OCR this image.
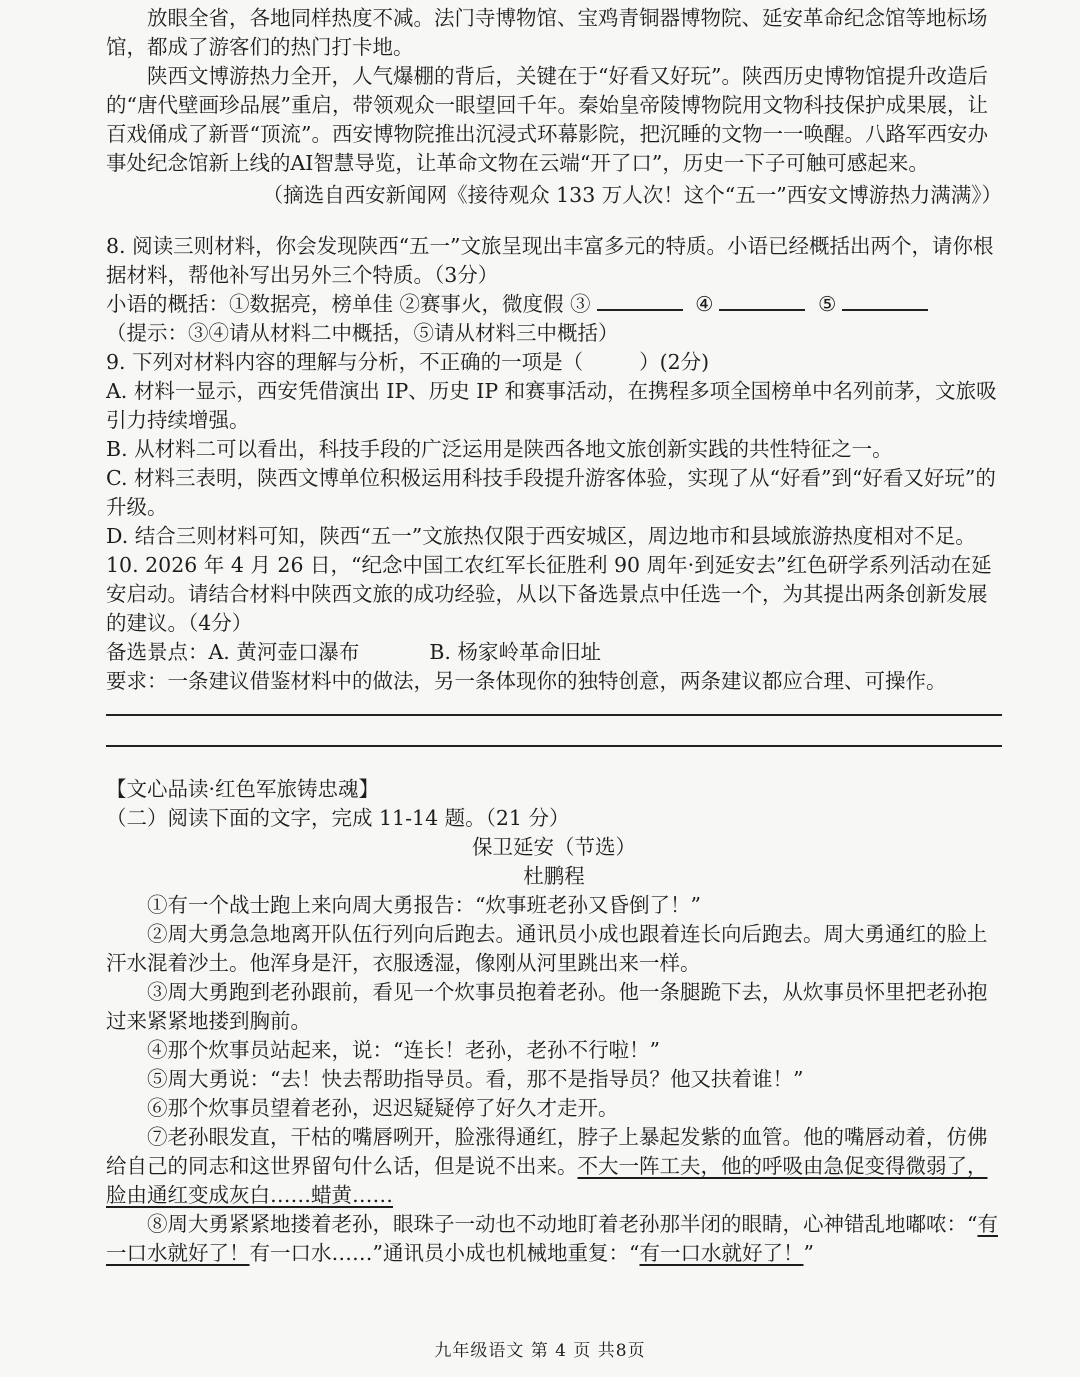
放眼全省，各地同样热度不减。法门寺博物馆、宝鸡青铜器博物院、延安革命纪念馆等地标场馆，都成了游客们的热门打卡地。

陕西文博游热力全开，人气爆棚的背后，关键在于“好看又好玩”。陕西历史博物馆提升改造后的“唐代壁画珍品展”重启，带领观众一眼望回千年。秦始皇帝陵博物院用文物科技保护成果展，让百戏俑成了新晋“顶流”。西安博物院推出沉浸式环幕影院，把沉睡的文物一一唤醒。八路军西安办事处纪念馆新上线的AI智慧导览，让革命文物在云端“开了口”，历史一下子可触可感起来。

（摘选自西安新闻网《接待观众 133 万人次！这个“五一”西安文博游热力满满》）

8. 阅读三则材料，你会发现陕西“五一”文旅呈现出丰富多元的特质。小语已经概括出两个，请你根据材料，帮他补写出另外三个特质。（3分）

小语的概括：①数据亮，榜单佳 ②赛事火，微度假 ③	④	⑤

（提示：③④请从材料二中概括，⑤请从材料三中概括）

9. 下列对材料内容的理解与分析，不正确的一项是（	）(2分)

A. 材料一显示，西安凭借演出 IP、历史 IP 和赛事活动，在携程多项全国榜单中名列前茅，文旅吸引力持续增强。

B. 从材料二可以看出，科技手段的广泛运用是陕西各地文旅创新实践的共性特征之一。

C. 材料三表明，陕西文博单位积极运用科技手段提升游客体验，实现了从“好看”到“好看又好玩”的升级。

D. 结合三则材料可知，陕西“五一”文旅热仅限于西安城区，周边地市和县域旅游热度相对不足。

10. 2026 年 4 月 26 日，“纪念中国工农红军长征胜利 90 周年·到延安去”红色研学系列活动在延安启动。请结合材料中陕西文旅的成功经验，从以下备选景点中任选一个，为其提出两条创新发展的建议。（4分）

备选景点：A. 黄河壶口瀑布	B. 杨家岭革命旧址

要求：一条建议借鉴材料中的做法，另一条体现你的独特创意，两条建议都应合理、可操作。

【文心品读·红色军旅铸忠魂】

（二）阅读下面的文字，完成 11-14 题。（21 分）

保卫延安（节选）

杜鹏程

①有一个战士跑上来向周大勇报告：“炊事班老孙又昏倒了！”

②周大勇急急地离开队伍行列向后跑去。通讯员小成也跟着连长向后跑去。周大勇通红的脸上汗水混着沙土。他浑身是汗，衣服透湿，像刚从河里跳出来一样。

③周大勇跑到老孙跟前，看见一个炊事员抱着老孙。他一条腿跪下去，从炊事员怀里把老孙抱过来紧紧地搂到胸前。

④那个炊事员站起来，说：“连长！老孙，老孙不行啦！”

⑤周大勇说：“去！快去帮助指导员。看，那不是指导员？他又扶着谁！”

⑥那个炊事员望着老孙，迟迟疑疑停了好久才走开。

⑦老孙眼发直，干枯的嘴唇咧开，脸涨得通红，脖子上暴起发紫的血管。他的嘴唇动着，仿佛给自己的同志和这世界留句什么话，但是说不出来。不大一阵工夫，他的呼吸由急促变得微弱了，脸由通红变成灰白……蜡黄……

⑧周大勇紧紧地搂着老孙，眼珠子一动也不动地盯着老孙那半闭的眼睛，心神错乱地嘟哝：“有一口水就好了！有一口水……”通讯员小成也机械地重复：“有一口水就好了！”

九年级语文 第 4 页 共8页
